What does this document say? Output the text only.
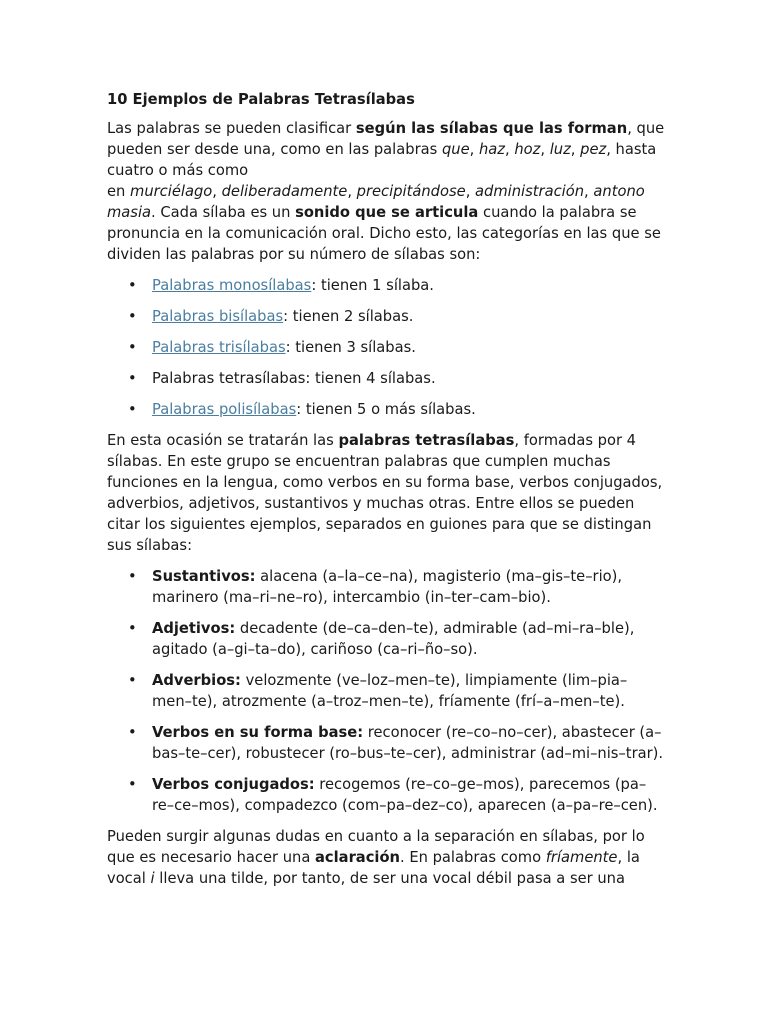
10 Ejemplos de Palabras Tetrasílabas

Las palabras se pueden clasificar según las sílabas que las forman, que pueden ser desde una, como en las palabras que, haz, hoz, luz, pez, hasta cuatro o más como
en murciélago, deliberadamente, precipitándose, administración, antono masia. Cada sílaba es un sonido que se articula cuando la palabra se pronuncia en la comunicación oral. Dicho esto, las categorías en las que se dividen las palabras por su número de sílabas son:

• Palabras monosílabas: tienen 1 sílaba.
• Palabras bisílabas: tienen 2 sílabas.
• Palabras trisílabas: tienen 3 sílabas.
• Palabras tetrasílabas: tienen 4 sílabas.
• Palabras polisílabas: tienen 5 o más sílabas.

En esta ocasión se tratarán las palabras tetrasílabas, formadas por 4 sílabas. En este grupo se encuentran palabras que cumplen muchas funciones en la lengua, como verbos en su forma base, verbos conjugados, adverbios, adjetivos, sustantivos y muchas otras. Entre ellos se pueden citar los siguientes ejemplos, separados en guiones para que se distingan sus sílabas:

• Sustantivos: alacena (a–la–ce–na), magisterio (ma–gis–te–rio), marinero (ma–ri–ne–ro), intercambio (in–ter–cam–bio).
• Adjetivos: decadente (de–ca–den–te), admirable (ad–mi–ra–ble), agitado (a–gi–ta–do), cariñoso (ca–ri–ño–so).
• Adverbios: velozmente (ve–loz–men–te), limpiamente (lim–pia–men–te), atrozmente (a–troz–men–te), fríamente (frí–a–men–te).
• Verbos en su forma base: reconocer (re–co–no–cer), abastecer (a–bas–te–cer), robustecer (ro–bus–te–cer), administrar (ad–mi–nis–trar).
• Verbos conjugados: recogemos (re–co–ge–mos), parecemos (pa–re–ce–mos), compadezco (com–pa–dez–co), aparecen (a–pa–re–cen).

Pueden surgir algunas dudas en cuanto a la separación en sílabas, por lo que es necesario hacer una aclaración. En palabras como fríamente, la vocal i lleva una tilde, por tanto, de ser una vocal débil pasa a ser una
